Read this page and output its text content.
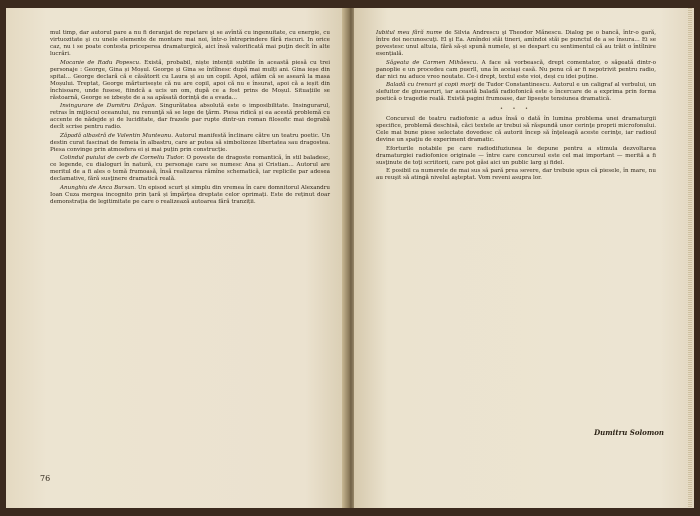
mul timp, dar autorul pare a nu fi deranjat de repetare şi se avîntă cu ingenuitate, cu energie, cu virtuozitate şi cu unele elemente de montare mai noi, într-o întreprindere fără riscuri. In orice caz, nu i se poate contesta priceperea dramaturgică, aici însă valorificată mai puţin decît în alte lucrări.

Mocanie de Radu Popescu. Există, probabil, niște intenții subtile în această piesă cu trei personaje : George, Gina și Moșul. George și Gina se întîlnesc după mai mulți ani. Gina ieșe din spital... George declară că e căsătorit cu Laura și au un copil. Apoi, aflăm că se aseară la masa Moșului. Treptat, George mărturisește că nu are copil, apoi că nu e însurat, apoi că a ieșit din închisoare, unde fusese, fiindcă a ucis un om, după ce a fost prins de Moșul. Situațiile se răstoarnă, George se izbește de a sa apăsată dorință de a evada...

Insingurare de Dumitru Drăgan. Singurătatea absolută este o imposibilitate. Insingurarul, retras în mijlocul oceanului, nu renunţă să se lege de ţărm. Piesa ridică și ea acestă problemă cu accente de nădejde și de luciditate, dar frazele par rupte dintr-un roman filosofic mai degrabă decît scrise pentru radio.

Zăpadă albastră de Valentin Munteanu. Autorul manifestă înclinare către un teatru poetic. Un destin curat fascinat de femeia în albastru, care ar putea să simbolizeze libertatea sau dragostea. Piesa convinge prin atmosfera ei și mai puțin prin construcție.

Colindul puiului de cerb de Corneliu Tudor. O poveste de dragoste romantică, în stil baladesc, ce legende, cu dialoguri în natură, cu personaje care se numesc Ana și Cristian... Autorul are meritul de a fi ales o temă frumoasă, însă realizarea rămîne schematică, iar replicile par adesea declamative, fără susţinere dramatică reală.

Anunghiu de Anca Bursan. Un episod scurt și simplu din vremea în care domnitorul Alexandru Ioan Cuza mergea incognito prin țară și împărțea dreptate celor oprimați. Este de reținut doar demonstrația de legitimitate pe care o realizează autoarea fără tranziții.

76

Iubitul meu fără nume de Silvia Andrescu şi Theodor Mănescu. Dialog pe o bancă, într-o gară, între doi necunoscuţi. El şi Ea. Amîndoi stăi tineri, amîndoi stăi pe punctul de a se însura... Ei se povestesc unul altuia, fără să-și spună numele, și se despart cu sentimentul că au trăit o întîlnire esențială.

Săgeata de Carmen Mihăescu. A face să vorbească, drept comentator, o săgeată dintr-o panoplie e un procedeu cam puerll, una în aceiași casă. Nu penu că ar fi nepotrivit pentru radio, dar nici nu aduce vreo noutate. Ce-i drept, textul este vioi, deși cu idei puține.

Baladă cu trenuri şi copii morţi de Tudor Constantinescu. Autorul e un caligraf al verbului, un slefuitor de giuvaeruri, iar această baladă radiofonică este o încercare de a exprima prin forma poetică o tragedie reală. Există pagini frumoase, dar lipsește tensiunea dramatică.

• • •

Concursul de teatru radiofonic a adus însă o dată în lumina problema unei dramaturgii specifice, problemă deschisă, căci textele ar trebui să răspundă unor cerinţe proprii microfonului. Cele mai bune piese selectate dovedesc că autorii încep să înţeleagă aceste cerinţe, iar radioul devine un spaţiu de experiment dramatic.

Eforturile notabile pe care radiodifuziunea le depune pentru a stimula dezvoltarea dramaturgiei radiofonice originale — între care concursul este cel mai important — merită a fi susţinute de toţi scriitorii, care pot găsi aici un public larg şi fidel.

E posibil ca numerele de mai sus să pară prea severe, dar trebuie spus că piesele, în mare, nu au reuşit să atingă nivelul aşteptat. Vom reveni asupra lor.

Dumitru Solomon
